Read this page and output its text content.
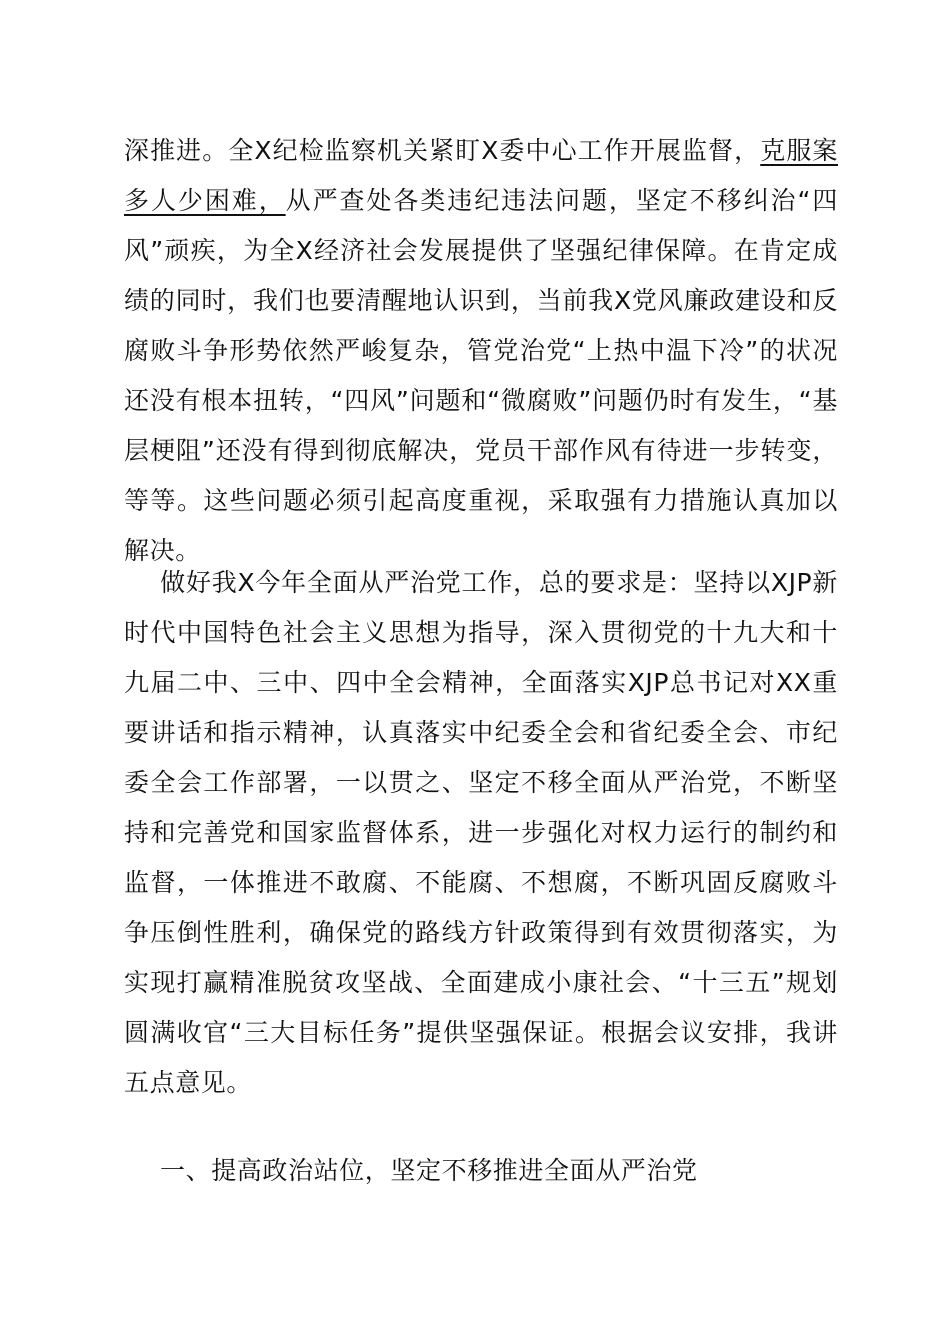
深推进。全X纪检监察机关紧盯X委中心工作开展监督，克服案多人少困难，从严查处各类违纪违法问题，坚定不移纠治“四风”顽疾，为全X经济社会发展提供了坚强纪律保障。在肯定成绩的同时，我们也要清醒地认识到，当前我X党风廉政建设和反腐败斗争形势依然严峻复杂，管党治党“上热中温下冷”的状况还没有根本扭转，“四风”问题和“微腐败”问题仍时有发生，“基层梗阻”还没有得到彻底解决，党员干部作风有待进一步转变，等等。这些问题必须引起高度重视，采取强有力措施认真加以解决。

做好我X今年全面从严治党工作，总的要求是：坚持以XJP新时代中国特色社会主义思想为指导，深入贯彻党的十九大和十九届二中、三中、四中全会精神，全面落实XJP总书记对XX重要讲话和指示精神，认真落实中纪委全会和省纪委全会、市纪委全会工作部署，一以贯之、坚定不移全面从严治党，不断坚持和完善党和国家监督体系，进一步强化对权力运行的制约和监督，一体推进不敢腐、不能腐、不想腐，不断巩固反腐败斗争压倒性胜利，确保党的路线方针政策得到有效贯彻落实，为实现打赢精准脱贫攻坚战、全面建成小康社会、“十三五”规划圆满收官“三大目标任务”提供坚强保证。根据会议安排，我讲五点意见。

一、提高政治站位，坚定不移推进全面从严治党
